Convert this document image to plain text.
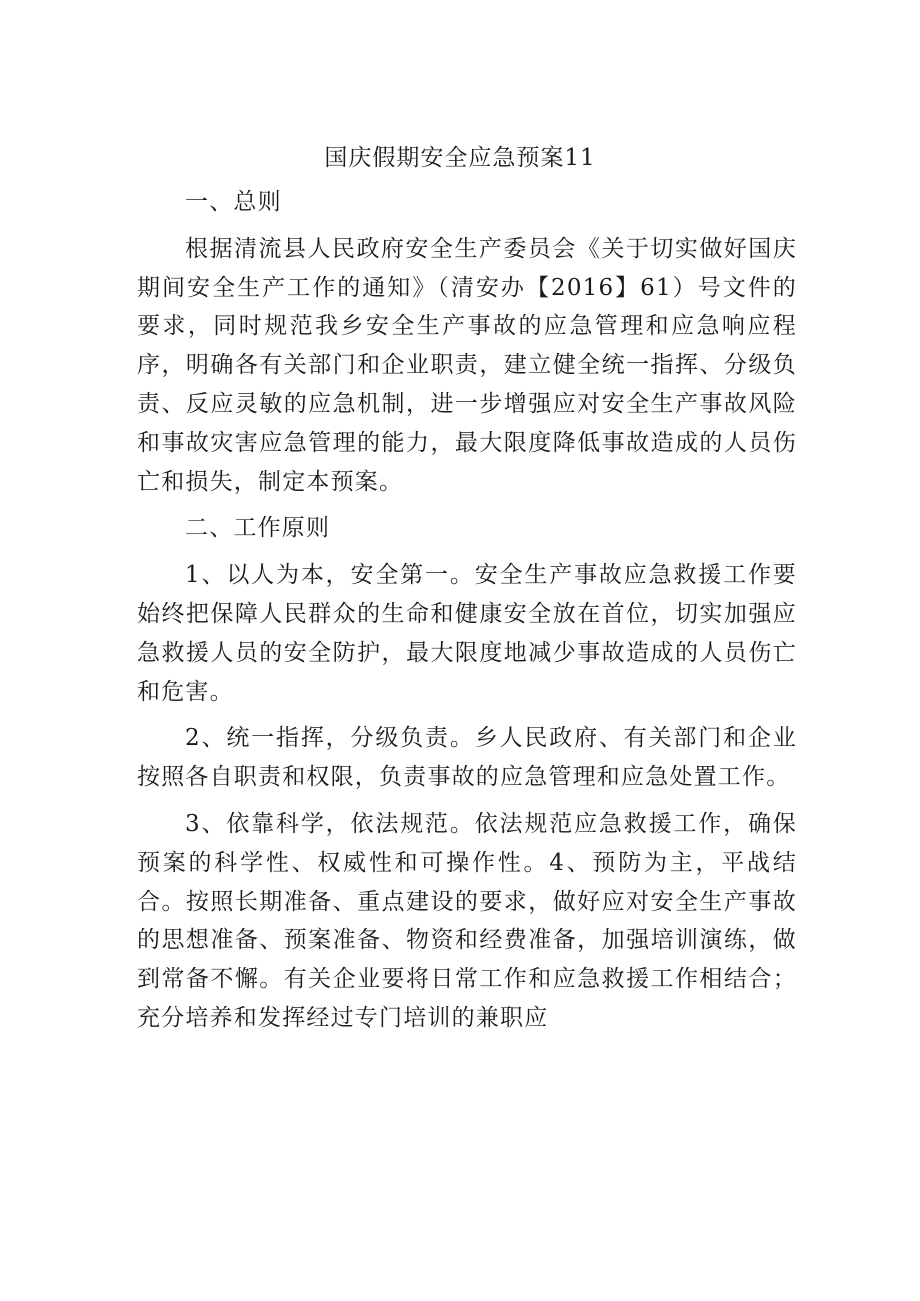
国庆假期安全应急预案11

一、总则

根据清流县人民政府安全生产委员会《关于切实做好国庆期间安全生产工作的通知》（清安办【2016】61）号文件的要求，同时规范我乡安全生产事故的应急管理和应急响应程序，明确各有关部门和企业职责，建立健全统一指挥、分级负责、反应灵敏的应急机制，进一步增强应对安全生产事故风险和事故灾害应急管理的能力，最大限度降低事故造成的人员伤亡和损失，制定本预案。

二、工作原则

1、以人为本，安全第一。安全生产事故应急救援工作要始终把保障人民群众的生命和健康安全放在首位，切实加强应急救援人员的安全防护，最大限度地减少事故造成的人员伤亡和危害。

2、统一指挥，分级负责。乡人民政府、有关部门和企业按照各自职责和权限，负责事故的应急管理和应急处置工作。

3、依靠科学，依法规范。依法规范应急救援工作，确保预案的科学性、权威性和可操作性。4、预防为主，平战结合。按照长期准备、重点建设的要求，做好应对安全生产事故的思想准备、预案准备、物资和经费准备，加强培训演练，做到常备不懈。有关企业要将日常工作和应急救援工作相结合；充分培养和发挥经过专门培训的兼职应
